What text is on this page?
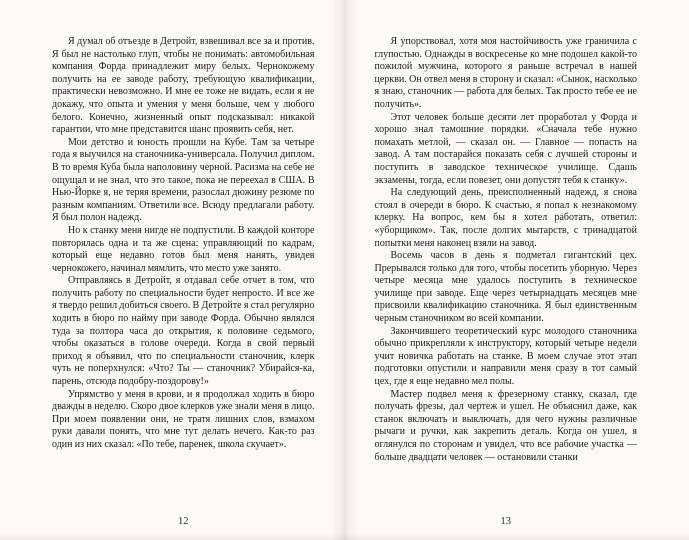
Я думал об отъезде в Детройт, взвешивал все за и против. Я был не настолько глуп, чтобы не понимать: автомобильная компания Форда принадлежит миру белых. Чернокожему получить на ее заводе работу, требующую квалификации, практически невозможно. И мне ее тоже не видать, если я не докажу, что опыта и умения у меня больше, чем у любого белого. Конечно, жизненный опыт подсказывал: никакой гарантии, что мне представится шанс проявить себя, нет.

Мои детство и юность прошли на Кубе. Там за четыре года я выучился на станочника-универсала. Получил диплом. В то время Куба была наполовину черной. Расизма на себе не ощущал и не знал, что это такое, пока не переехал в США. В Нью-Йорке я, не теряя времени, разослал дюжину резюме по разным компаниям. Ответили все. Всюду предлагали работу. Я был полон надежд.

Но к станку меня нигде не подпустили. В каждой конторе повторялась одна и та же сцена: управляющий по кадрам, который еще недавно готов был меня нанять, увидев чернокожего, начинал мямлить, что место уже занято.

Отправляясь в Детройт, я отдавал себе отчет в том, что получить работу по специальности будет непросто. И все же я твердо решил добиться своего. В Детройте я стал регулярно ходить в бюро по найму при заводе Форда. Обычно являлся туда за полтора часа до открытия, к половине седьмого, чтобы оказаться в голове очереди. Когда в свой первый приход я объявил, что по специальности станочник, клерк чуть не поперхнулся: «Что? Ты — станочник? Убирайся-ка, парень, отсюда подобру-поздорову!»

Упрямство у меня в крови, и я продолжал ходить в бюро дважды в неделю. Скоро двое клерков уже знали меня в лицо. При моем появлении они, не тратя лишних слов, взмахом руки давали понять, что мне тут делать нечего. Как-то раз один из них сказал: «По тебе, паренек, школа скучает».

12

Я упорствовал, хотя моя настойчивость уже граничила с глупостью. Однажды в воскресенье ко мне подошел какой-то пожилой мужчина, которого я раньше встречал в нашей церкви. Он отвел меня в сторону и сказал: «Сынок, насколько я знаю, станочник — работа для белых. Так просто тебе ее не получить».

Этот человек больше десяти лет проработал у Форда и хорошо знал тамошние порядки. «Сначала тебе нужно помахать метлой, — сказал он. — Главное — попасть на завод. А там постарайся показать себя с лучшей стороны и поступить в заводское техническое училище. Сдашь экзамены, тогда, если повезет, они допустят тебя к станку».

На следующий день, преисполненный надежд, я снова стоял в очереди в бюро. К счастью, я попал к незнакомому клерку. На вопрос, кем бы я хотел работать, ответил: «уборщиком». Так, после долгих мытарств, с тринадцатой попытки меня наконец взяли на завод.

Восемь часов в день я подметал гигантский цех. Прерывался только для того, чтобы посетить уборную. Через четыре месяца мне удалось поступить в техническое училище при заводе. Еще через четырнадцать месяцев мне присвоили квалификацию станочника. Я был единственным черным станочником во всей компании.

Закончившего теоретический курс молодого станочника обычно прикрепляли к инструктору, который четыре недели учит новичка работать на станке. В моем случае этот этап подготовки опустили и направили меня сразу в тот самый цех, где я еще недавно мел полы.

Мастер подвел меня к фрезерному станку, сказал, где получать фрезы, дал чертеж и ушел. Не объяснил даже, как станок включать и выключать, для чего нужны различные рычаги и ручки, как закрепить деталь. Когда он ушел, я оглянулся по сторонам и увидел, что все рабочие участка — больше двадцати человек — остановили станки

13
